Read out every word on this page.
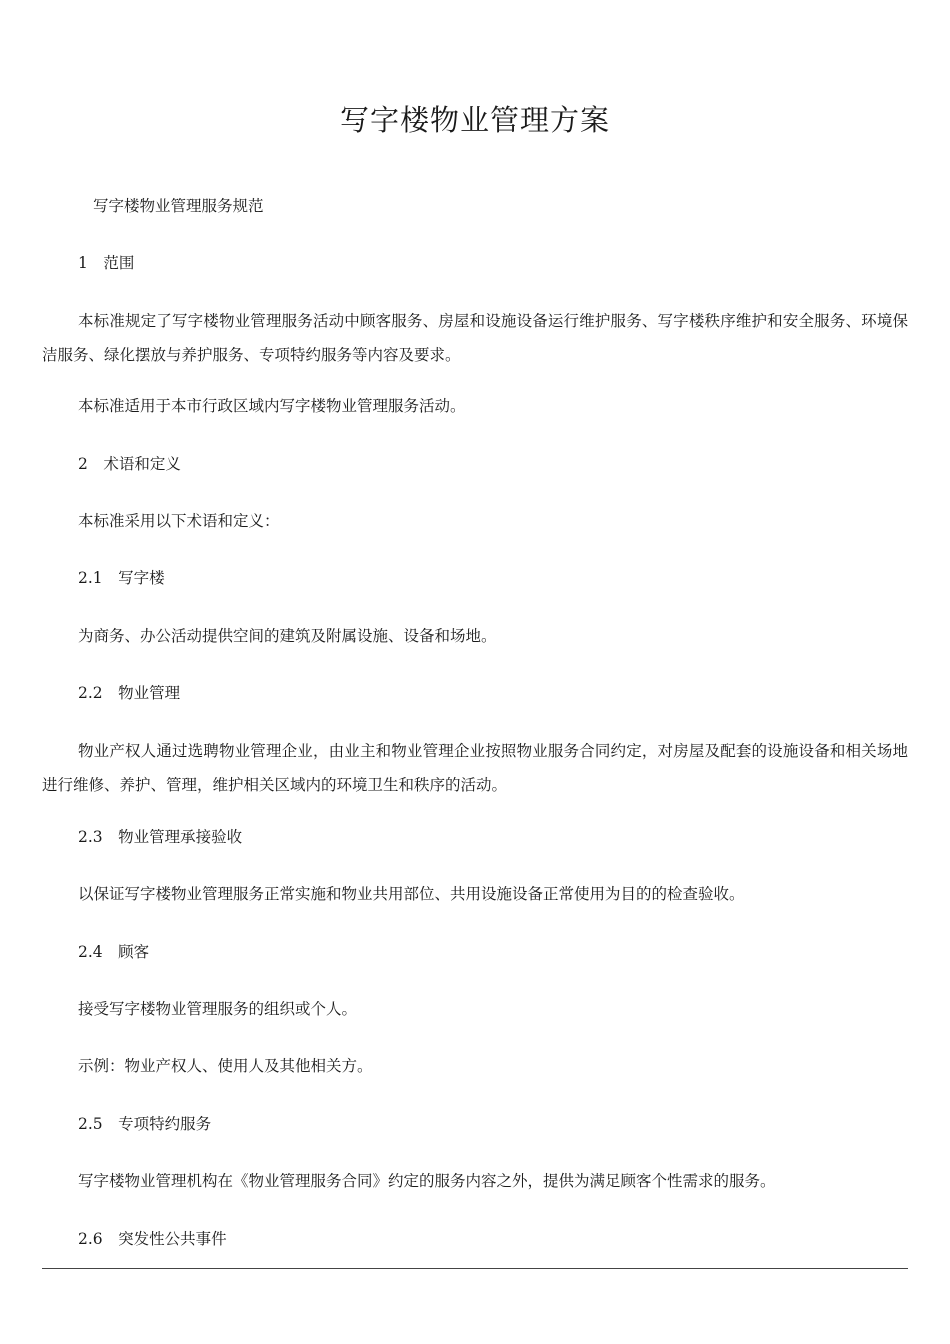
写字楼物业管理方案
写字楼物业管理服务规范
1　范围
本标准规定了写字楼物业管理服务活动中顾客服务、房屋和设施设备运行维护服务、写字楼秩序维护和安全服务、环境保洁服务、绿化摆放与养护服务、专项特约服务等内容及要求。
本标准适用于本市行政区域内写字楼物业管理服务活动。
2　术语和定义
本标准采用以下术语和定义：
2.1　写字楼
为商务、办公活动提供空间的建筑及附属设施、设备和场地。
2.2　物业管理
物业产权人通过选聘物业管理企业，由业主和物业管理企业按照物业服务合同约定，对房屋及配套的设施设备和相关场地进行维修、养护、管理，维护相关区域内的环境卫生和秩序的活动。
2.3　物业管理承接验收
以保证写字楼物业管理服务正常实施和物业共用部位、共用设施设备正常使用为目的的检查验收。
2.4　顾客
接受写字楼物业管理服务的组织或个人。
示例：物业产权人、使用人及其他相关方。
2.5　专项特约服务
写字楼物业管理机构在《物业管理服务合同》约定的服务内容之外，提供为满足顾客个性需求的服务。
2.6　突发性公共事件
